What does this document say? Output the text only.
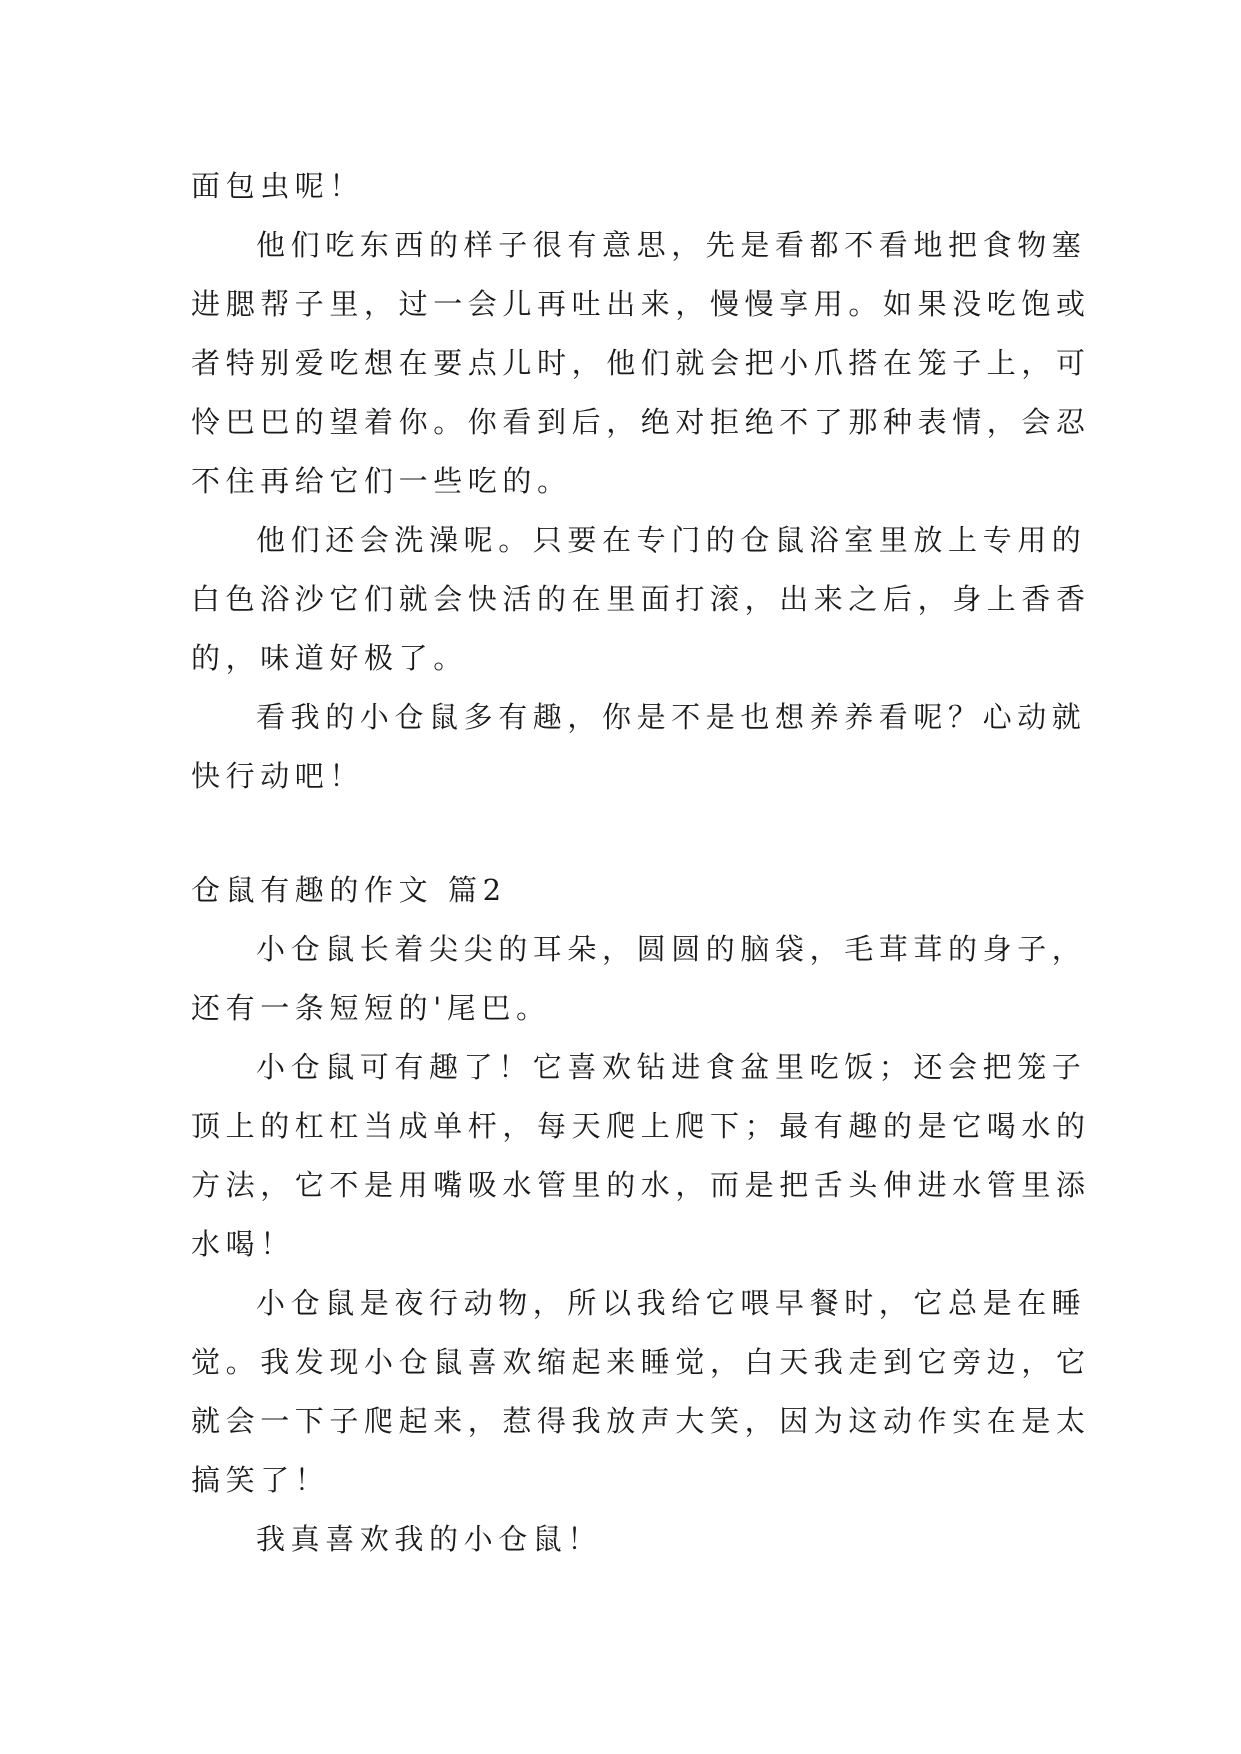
面包虫呢！
他们吃东西的样子很有意思，先是看都不看地把食物塞
进腮帮子里，过一会儿再吐出来，慢慢享用。如果没吃饱或
者特别爱吃想在要点儿时，他们就会把小爪搭在笼子上，可
怜巴巴的望着你。你看到后，绝对拒绝不了那种表情，会忍
不住再给它们一些吃的。
他们还会洗澡呢。只要在专门的仓鼠浴室里放上专用的
白色浴沙它们就会快活的在里面打滚，出来之后，身上香香
的，味道好极了。
看我的小仓鼠多有趣，你是不是也想养养看呢？心动就
快行动吧！
仓鼠有趣的作文 篇2
小仓鼠长着尖尖的耳朵，圆圆的脑袋，毛茸茸的身子，
还有一条短短的'尾巴。
小仓鼠可有趣了！它喜欢钻进食盆里吃饭；还会把笼子
顶上的杠杠当成单杆，每天爬上爬下；最有趣的是它喝水的
方法，它不是用嘴吸水管里的水，而是把舌头伸进水管里添
水喝！
小仓鼠是夜行动物，所以我给它喂早餐时，它总是在睡
觉。我发现小仓鼠喜欢缩起来睡觉，白天我走到它旁边，它
就会一下子爬起来，惹得我放声大笑，因为这动作实在是太
搞笑了！
我真喜欢我的小仓鼠！
